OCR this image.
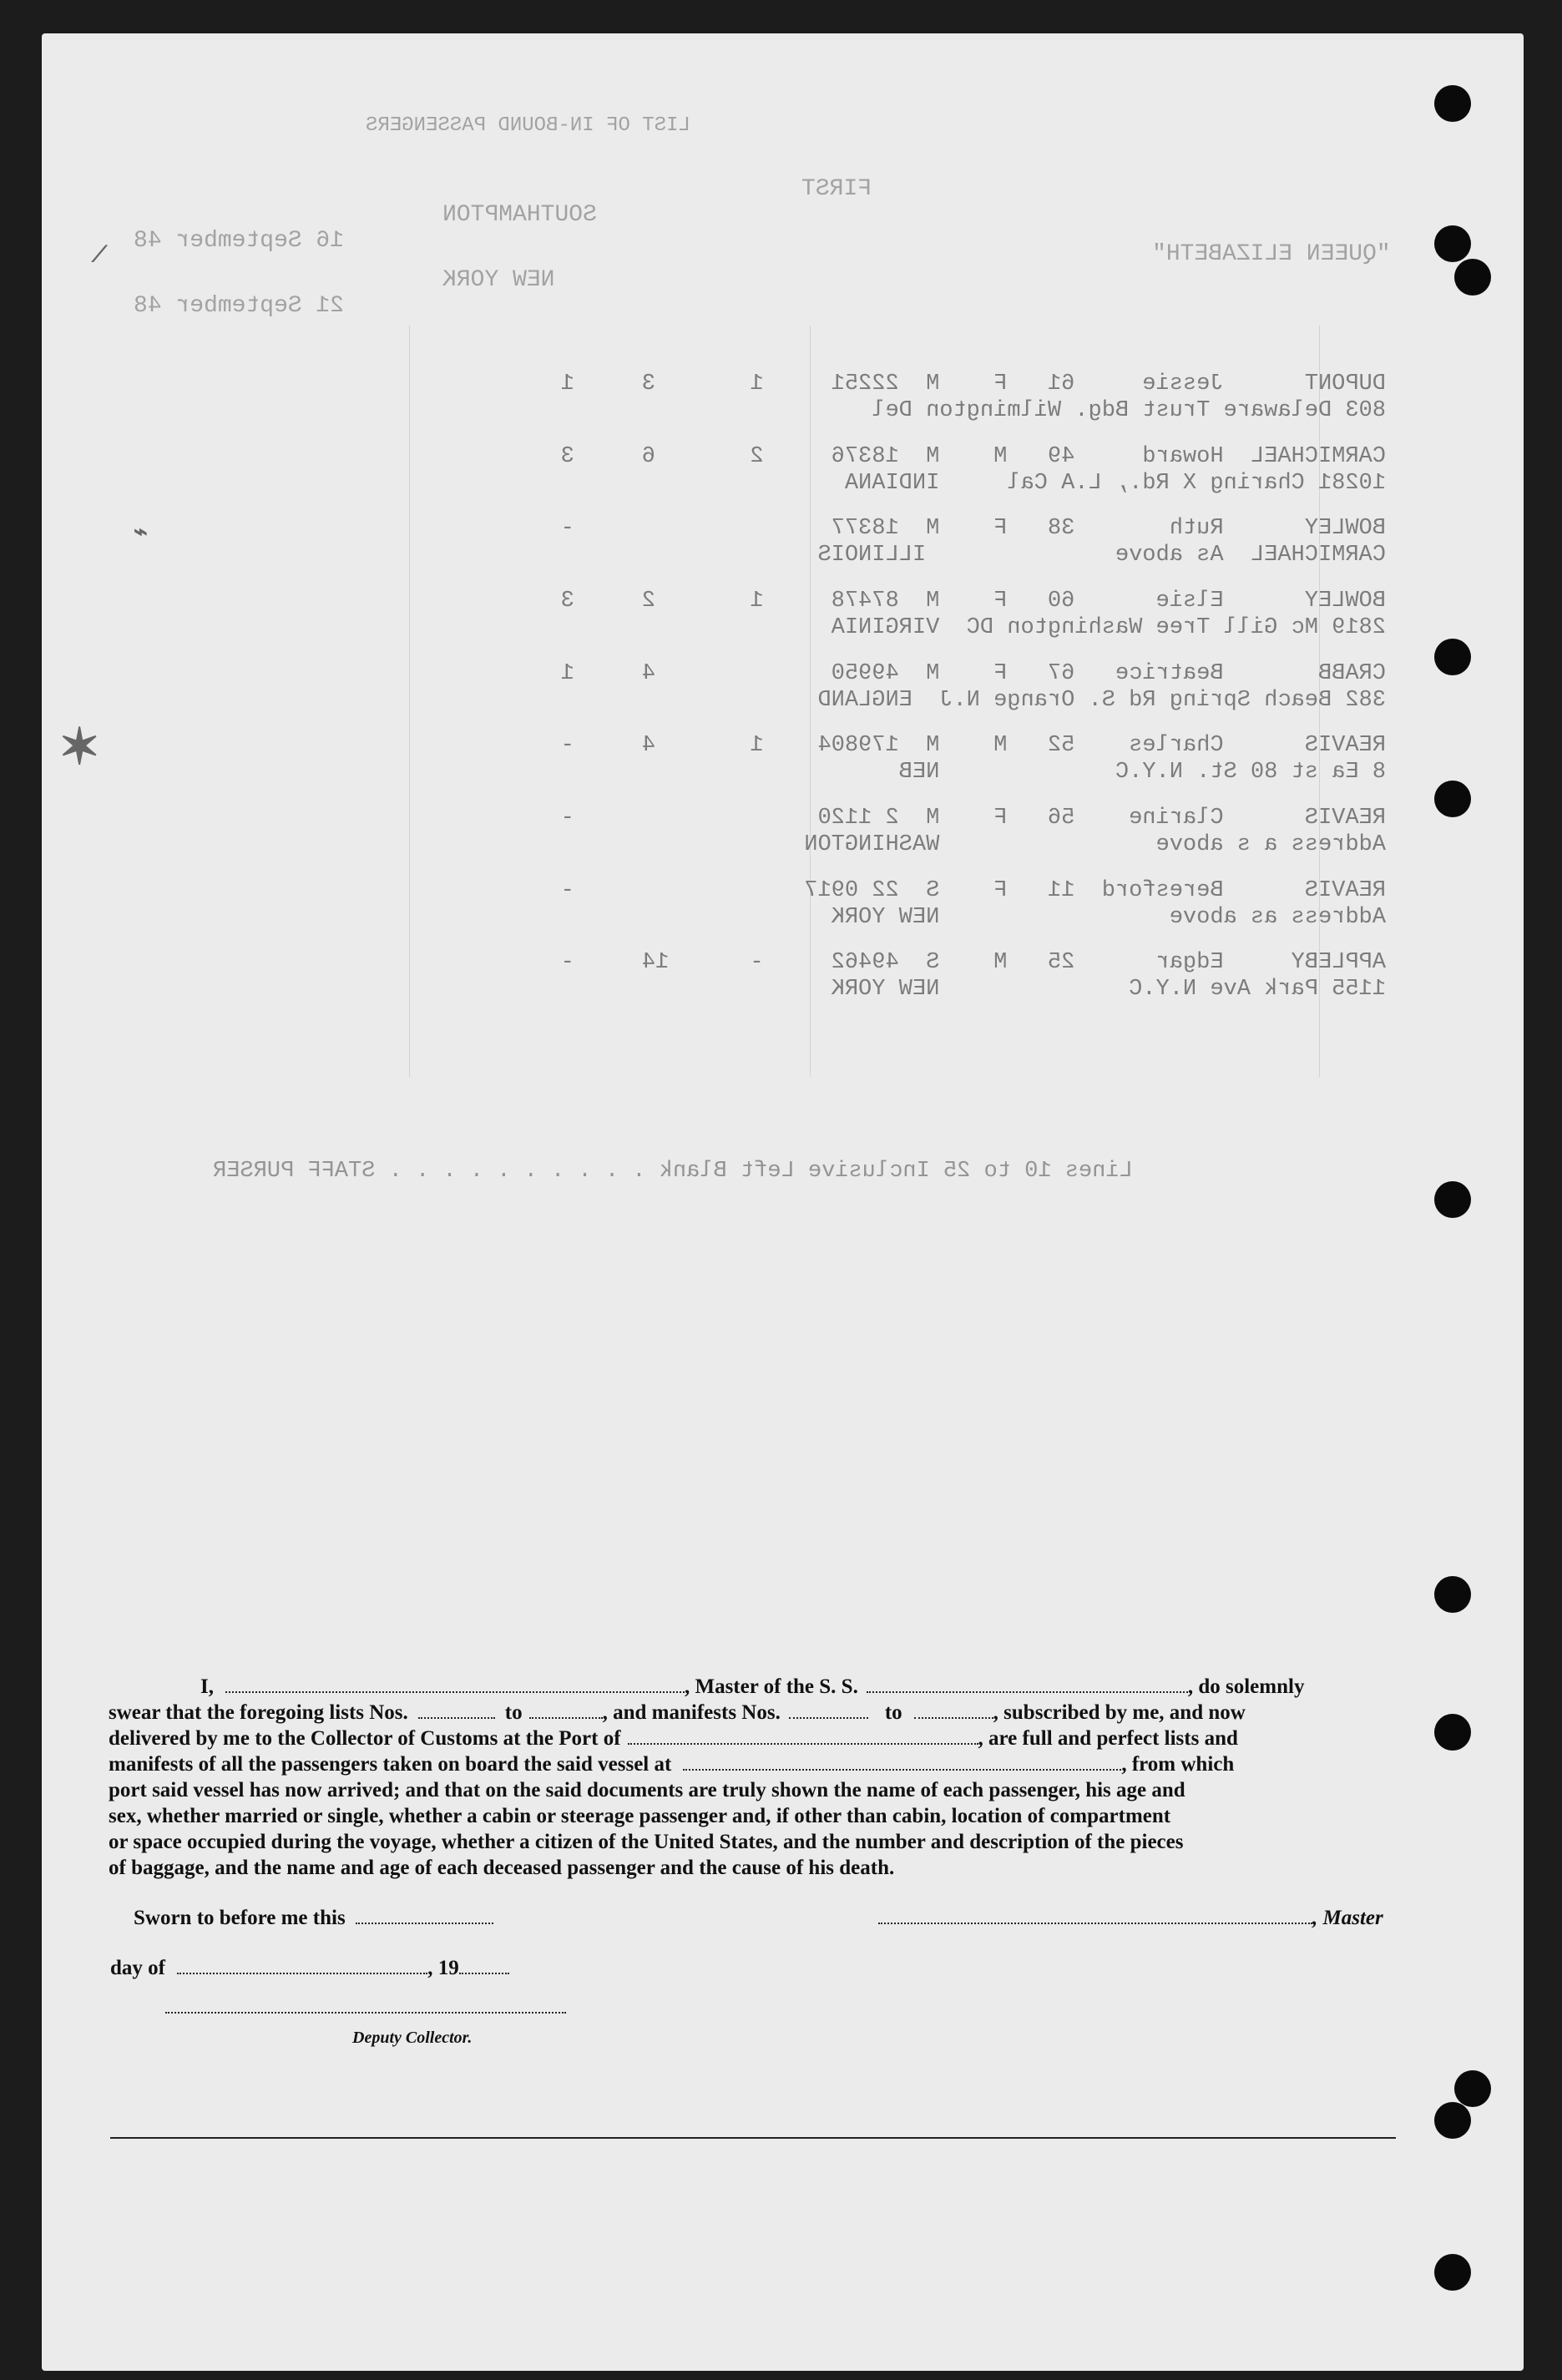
LIST OF IN-BOUND PASSENGERS

FIRST

SOUTHAMPTON

16 September 48

"QUEEN ELIZABETH"

NEW YORK

21 September 48

DUPONT      Jessie     61   F    M  22251     1       3     1
803 Delaware Trust Bdg. Wilmington Del
CARMICHAEL  Howard     49   M    M  18376     2       6     3
10281 Charing X Rd., L.A Cal     INDIANA
BOWLEY      Ruth       38   F    M  18377                   -
CARMICHAEL  As above              ILLINOIS
BOWLEY      Elsie      60   F    M  87478     1       2     3
2819 Mc Gill Tree Washington DC  VIRGINIA
CRABB       Beatrice   67   F    M  49950             4     1
382 Beach Spring Rd S. Orange N.J  ENGLAND
REAVIS      Charles    52   M    M  179804    1       4     -
8 Ea st 80 St. N.Y.C             NEB
REAVIS      Clarine    56   F    M  2 1120                  -
Address a s above                WASHINGTON
REAVIS      Beresford  11   F    S  22 0917                 -
Address as above                 NEW YORK
APPLEBY     Edgar      25   M    S  49462     -      14     -
1155 Park Ave N.Y.C              NEW YORK

Lines 10 to 25 Inclusive Left Blank . . . . . . . . . . STAFF PURSER

✶
⌁
⟋
I,	, Master of the S. S.	, do solemnly
swear that the foregoing lists Nos.	to	, and manifests Nos.	to	, subscribed by me, and now
delivered by me to the Collector of Customs at the Port of	, are full and perfect lists and
manifests of all the passengers taken on board the said vessel at	, from which
port said vessel has now arrived; and that on the said documents are truly shown the name of each passenger, his age and
sex, whether married or single, whether a cabin or steerage passenger and, if other than cabin, location of compartment
or space occupied during the voyage, whether a citizen of the United States, and the number and description of the pieces
of baggage, and the name and age of each deceased passenger and the cause of his death.
Sworn to before me this	, Master
day of	, 19
Deputy Collector.
